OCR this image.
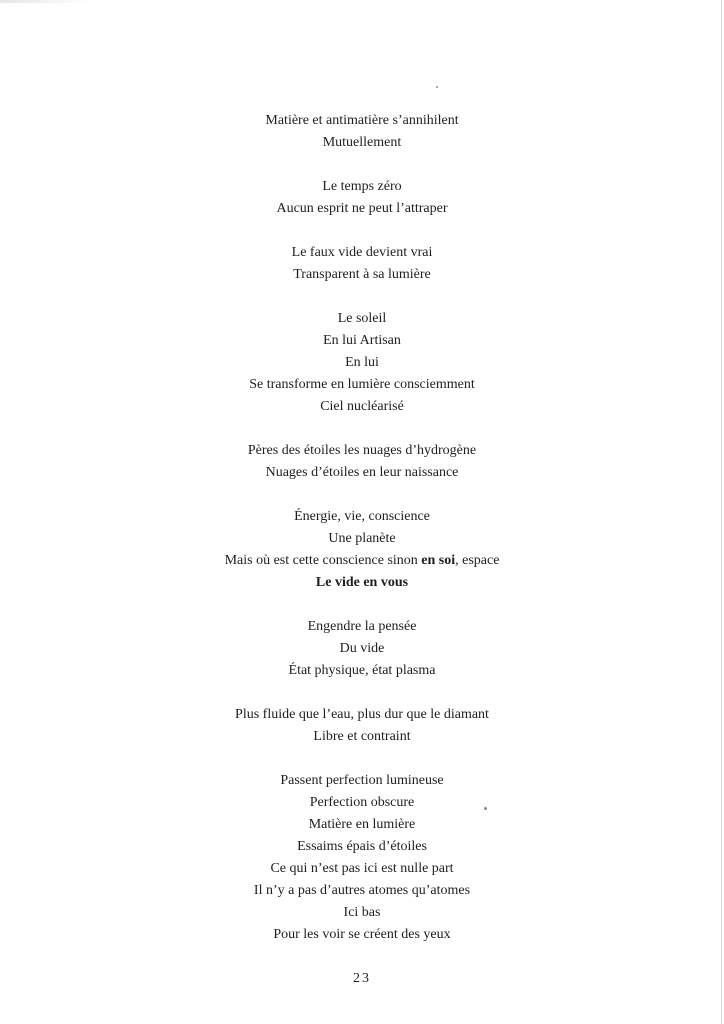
Matière et antimatière s’annihilent
Mutuellement
Le temps zéro
Aucun esprit ne peut l’attraper
Le faux vide devient vrai
Transparent à sa lumière
Le soleil
En lui Artisan
En lui
Se transforme en lumière consciemment
Ciel nucléarisé
Pères des étoiles les nuages d’hydrogène
Nuages d’étoiles en leur naissance
Énergie, vie, conscience
Une planète
Mais où est cette conscience sinon en soi, espace
Le vide en vous
Engendre la pensée
Du vide
État physique, état plasma
Plus fluide que l’eau, plus dur que le diamant
Libre et contraint
Passent perfection lumineuse
Perfection obscure
Matière en lumière
Essaims épais d’étoiles
Ce qui n’est pas ici est nulle part
Il n’y a pas d’autres atomes qu’atomes
Ici bas
Pour les voir se créent des yeux
23
